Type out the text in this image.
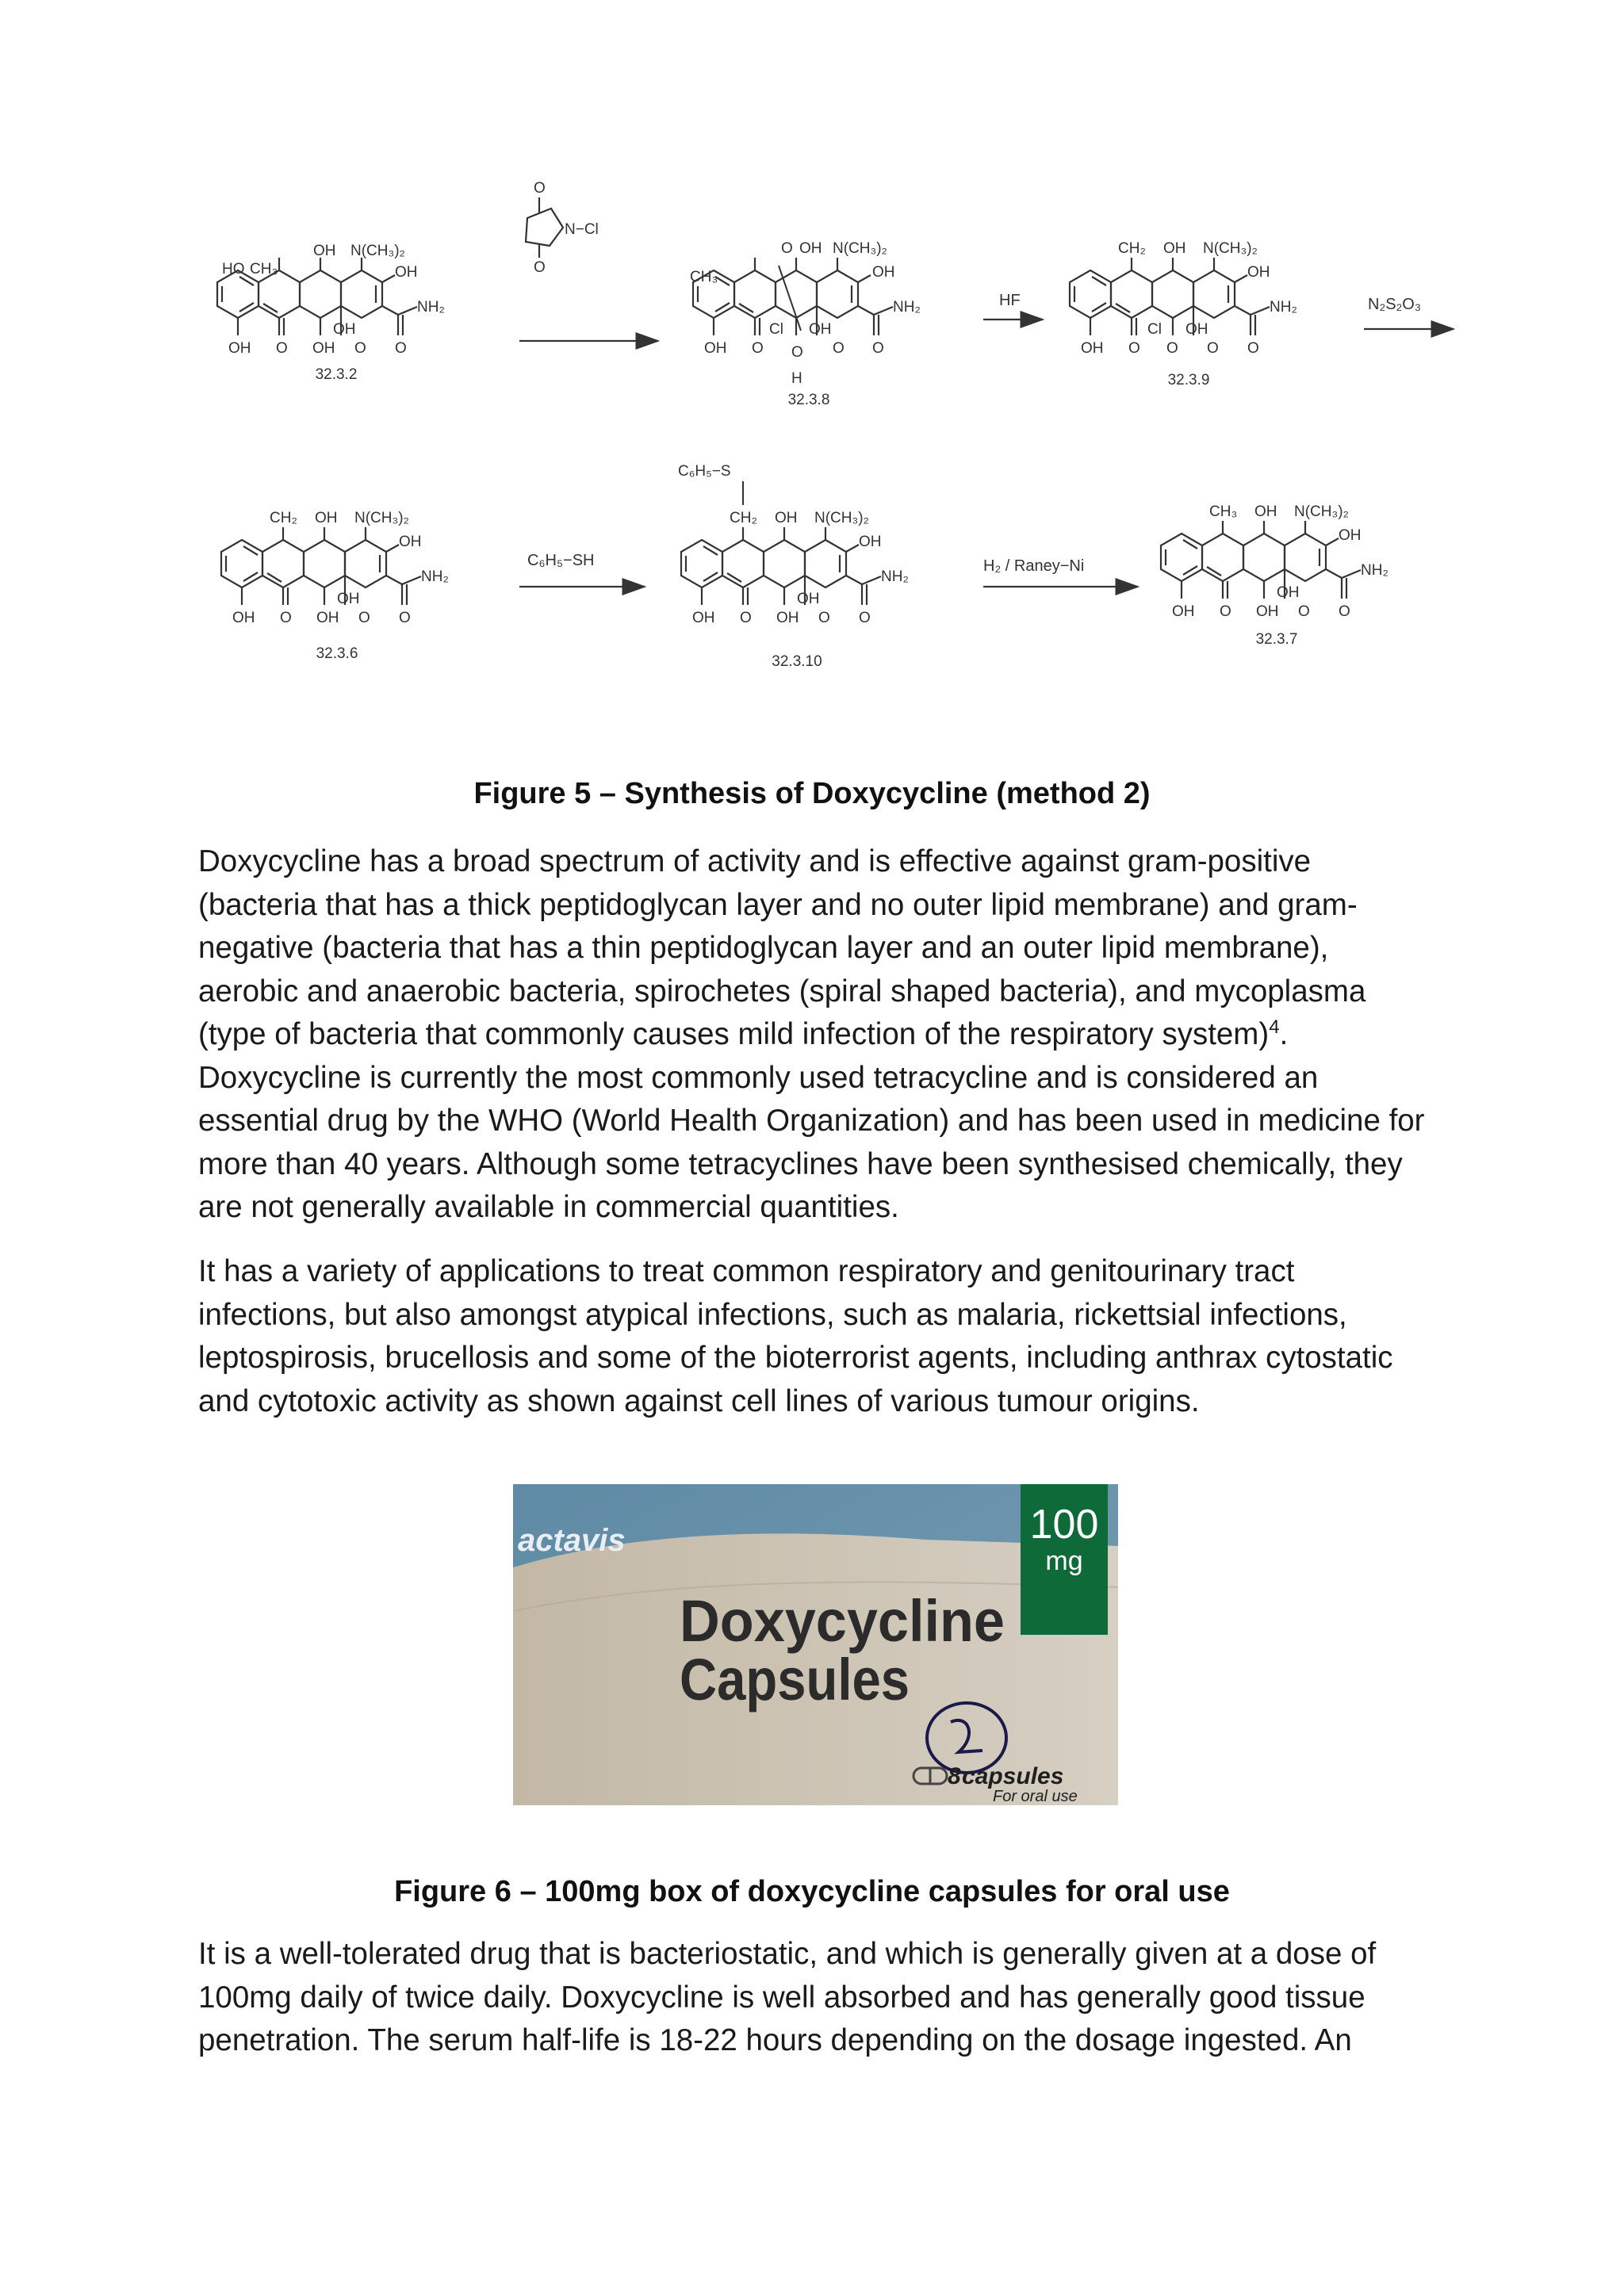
HO CH₃
OH N(CH₃)₂
OH
NH₂
OH O OH
OH
O O
32.3.2
O
O
N−Cl
CH₃
O OH N(CH₃)₂
OH
NH₂
OH O
Cl
O
H
OH
O O
32.3.8
HF
CH₂ OH N(CH₃)₂
OH
NH₂
OH O
Cl
O
OH
O O
32.3.9
N₂S₂O₃
CH₂ OH N(CH₃)₂
OH
NH₂
OH O OH
OH
O O
32.3.6
C₆H₅−SH
C₆H₅−S
CH₂ OH N(CH₃)₂
OH
NH₂
OH O OH
OH
O O
32.3.10
H₂ / Raney−Ni
CH₃ OH N(CH₃)₂
OH
NH₂
OH O OH
OH
O O
32.3.7
Figure 5 – Synthesis of Doxycycline (method 2)

Doxycycline has a broad spectrum of activity and is effective against gram-positive (bacteria that has a thick peptidoglycan layer and no outer lipid membrane) and gram-negative (bacteria that has a thin peptidoglycan layer and an outer lipid membrane), aerobic and anaerobic bacteria, spirochetes (spiral shaped bacteria), and mycoplasma (type of bacteria that commonly causes mild infection of the respiratory system)$^4$. Doxycycline is currently the most commonly used tetracycline and is considered an essential drug by the WHO (World Health Organization) and has been used in medicine for more than 40 years. Although some tetracyclines have been synthesised chemically, they are not generally available in commercial quantities.

It has a variety of applications to treat common respiratory and genitourinary tract infections, but also amongst atypical infections, such as malaria, rickettsial infections, leptospirosis, brucellosis and some of the bioterrorist agents, including anthrax cytostatic and cytotoxic activity as shown against cell lines of various tumour origins.

100
mg
actavis
Doxycycline
Capsules
8 capsules
For oral use
Figure 6 – 100mg box of doxycycline capsules for oral use

It is a well-tolerated drug that is bacteriostatic, and which is generally given at a dose of 100mg daily of twice daily. Doxycycline is well absorbed and has generally good tissue penetration. The serum half-life is 18-22 hours depending on the dosage ingested. An
